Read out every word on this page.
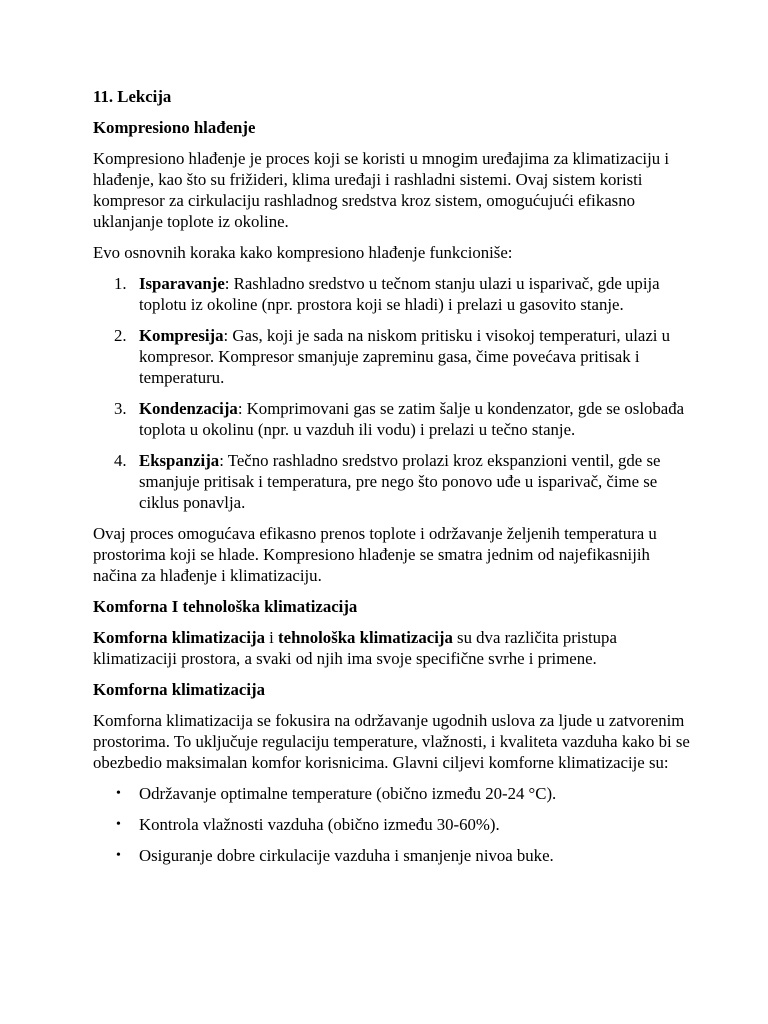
11. Lekcija
Kompresiono hlađenje

Kompresiono hlađenje je proces koji se koristi u mnogim uređajima za klimatizaciju i hlađenje, kao što su frižideri, klima uređaji i rashladni sistemi. Ovaj sistem koristi kompresor za cirkulaciju rashladnog sredstva kroz sistem, omogućujući efikasno uklanjanje toplote iz okoline.

Evo osnovnih koraka kako kompresiono hlađenje funkcioniše:

1. Isparavanje: Rashladno sredstvo u tečnom stanju ulazi u isparivač, gde upija toplotu iz okoline (npr. prostora koji se hladi) i prelazi u gasovito stanje.
2. Kompresija: Gas, koji je sada na niskom pritisku i visokoj temperaturi, ulazi u kompresor. Kompresor smanjuje zapreminu gasa, čime povećava pritisak i temperaturu.
3. Kondenzacija: Komprimovani gas se zatim šalje u kondenzator, gde se oslobađa toplota u okolinu (npr. u vazduh ili vodu) i prelazi u tečno stanje.
4. Ekspanzija: Tečno rashladno sredstvo prolazi kroz ekspanzioni ventil, gde se smanjuje pritisak i temperatura, pre nego što ponovo uđe u isparivač, čime se ciklus ponavlja.

Ovaj proces omogućava efikasno prenos toplote i održavanje željenih temperatura u prostorima koji se hlade. Kompresiono hlađenje se smatra jednim od najefikasnijih načina za hlađenje i klimatizaciju.

Komforna I tehnološka klimatizacija

Komforna klimatizacija i tehnološka klimatizacija su dva različita pristupa klimatizaciji prostora, a svaki od njih ima svoje specifične svrhe i primene.

Komforna klimatizacija

Komforna klimatizacija se fokusira na održavanje ugodnih uslova za ljude u zatvorenim prostorima. To uključuje regulaciju temperature, vlažnosti, i kvaliteta vazduha kako bi se obezbedio maksimalan komfor korisnicima. Glavni ciljevi komforne klimatizacije su:

• Održavanje optimalne temperature (obično između 20-24 °C).
• Kontrola vlažnosti vazduha (obično između 30-60%).
• Osiguranje dobre cirkulacije vazduha i smanjenje nivoa buke.
